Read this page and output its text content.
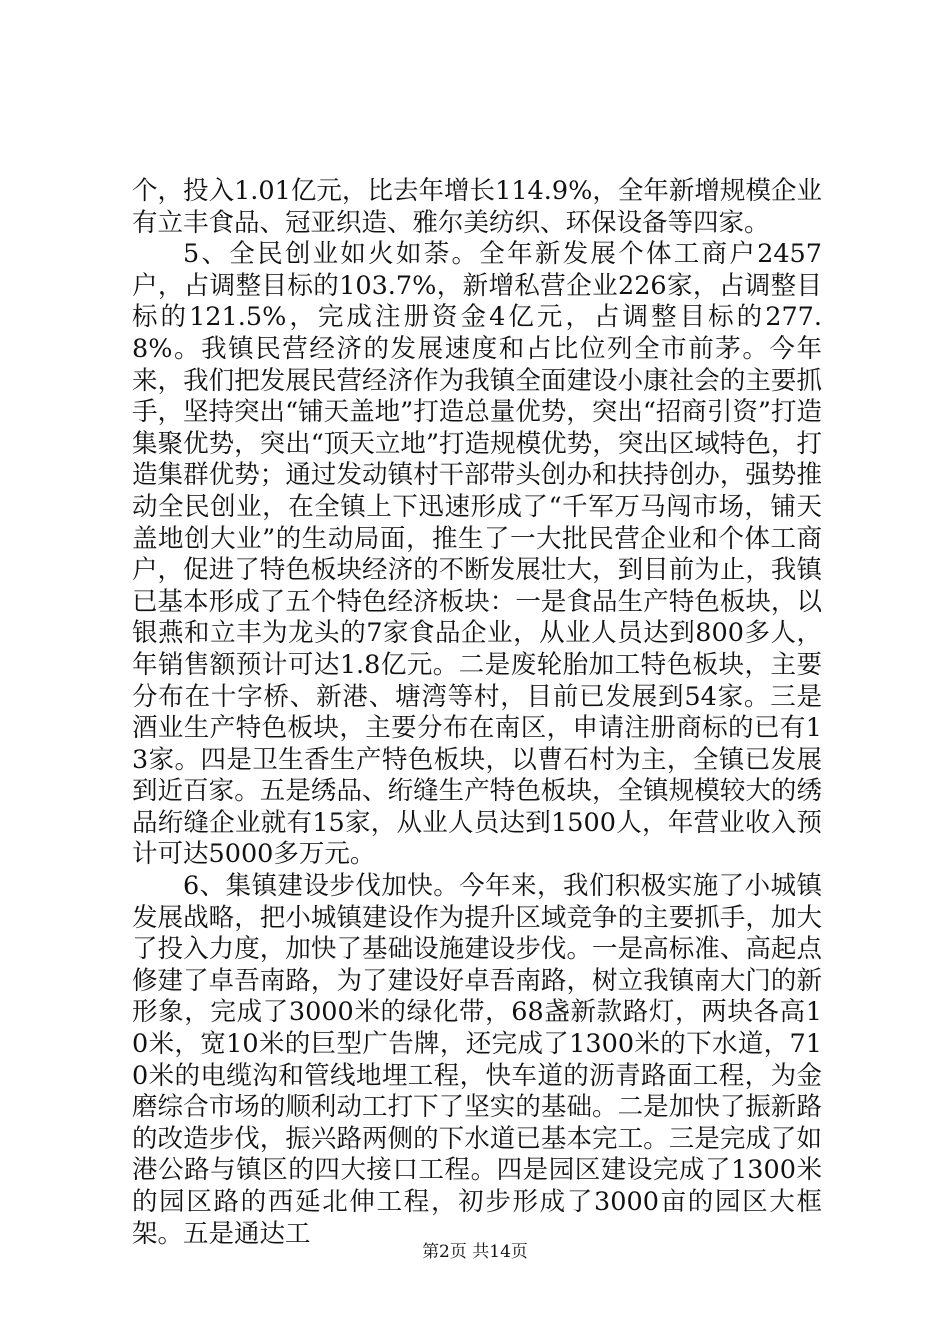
个，投入1.01亿元，比去年增长114.9%，全年新增规模企业有立丰食品、冠亚织造、雅尔美纺织、环保设备等四家。

5、全民创业如火如荼。全年新发展个体工商户2457户，占调整目标的103.7%，新增私营企业226家，占调整目标的121.5%，完成注册资金4亿元，占调整目标的277.8%。我镇民营经济的发展速度和占比位列全市前茅。今年来，我们把发展民营经济作为我镇全面建设小康社会的主要抓手，坚持突出“铺天盖地”打造总量优势，突出“招商引资”打造集聚优势，突出“顶天立地”打造规模优势，突出区域特色，打造集群优势；通过发动镇村干部带头创办和扶持创办，强势推动全民创业，在全镇上下迅速形成了“千军万马闯市场，铺天盖地创大业”的生动局面，推生了一大批民营企业和个体工商户，促进了特色板块经济的不断发展壮大，到目前为止，我镇已基本形成了五个特色经济板块：一是食品生产特色板块，以银燕和立丰为龙头的7家食品企业，从业人员达到800多人，年销售额预计可达1.8亿元。二是废轮胎加工特色板块，主要分布在十字桥、新港、塘湾等村，目前已发展到54家。三是酒业生产特色板块，主要分布在南区，申请注册商标的已有13家。四是卫生香生产特色板块，以曹石村为主，全镇已发展到近百家。五是绣品、绗缝生产特色板块，全镇规模较大的绣品绗缝企业就有15家，从业人员达到1500人，年营业收入预计可达5000多万元。

6、集镇建设步伐加快。今年来，我们积极实施了小城镇发展战略，把小城镇建设作为提升区域竞争的主要抓手，加大了投入力度，加快了基础设施建设步伐。一是高标准、高起点修建了卓吾南路，为了建设好卓吾南路，树立我镇南大门的新形象，完成了3000米的绿化带，68盏新款路灯，两块各高10米，宽10米的巨型广告牌，还完成了1300米的下水道，710米的电缆沟和管线地埋工程，快车道的沥青路面工程，为金磨综合市场的顺利动工打下了坚实的基础。二是加快了振新路的改造步伐，振兴路两侧的下水道已基本完工。三是完成了如港公路与镇区的四大接口工程。四是园区建设完成了1300米的园区路的西延北伸工程，初步形成了3000亩的园区大框架。五是通达工

第2页 共14页
